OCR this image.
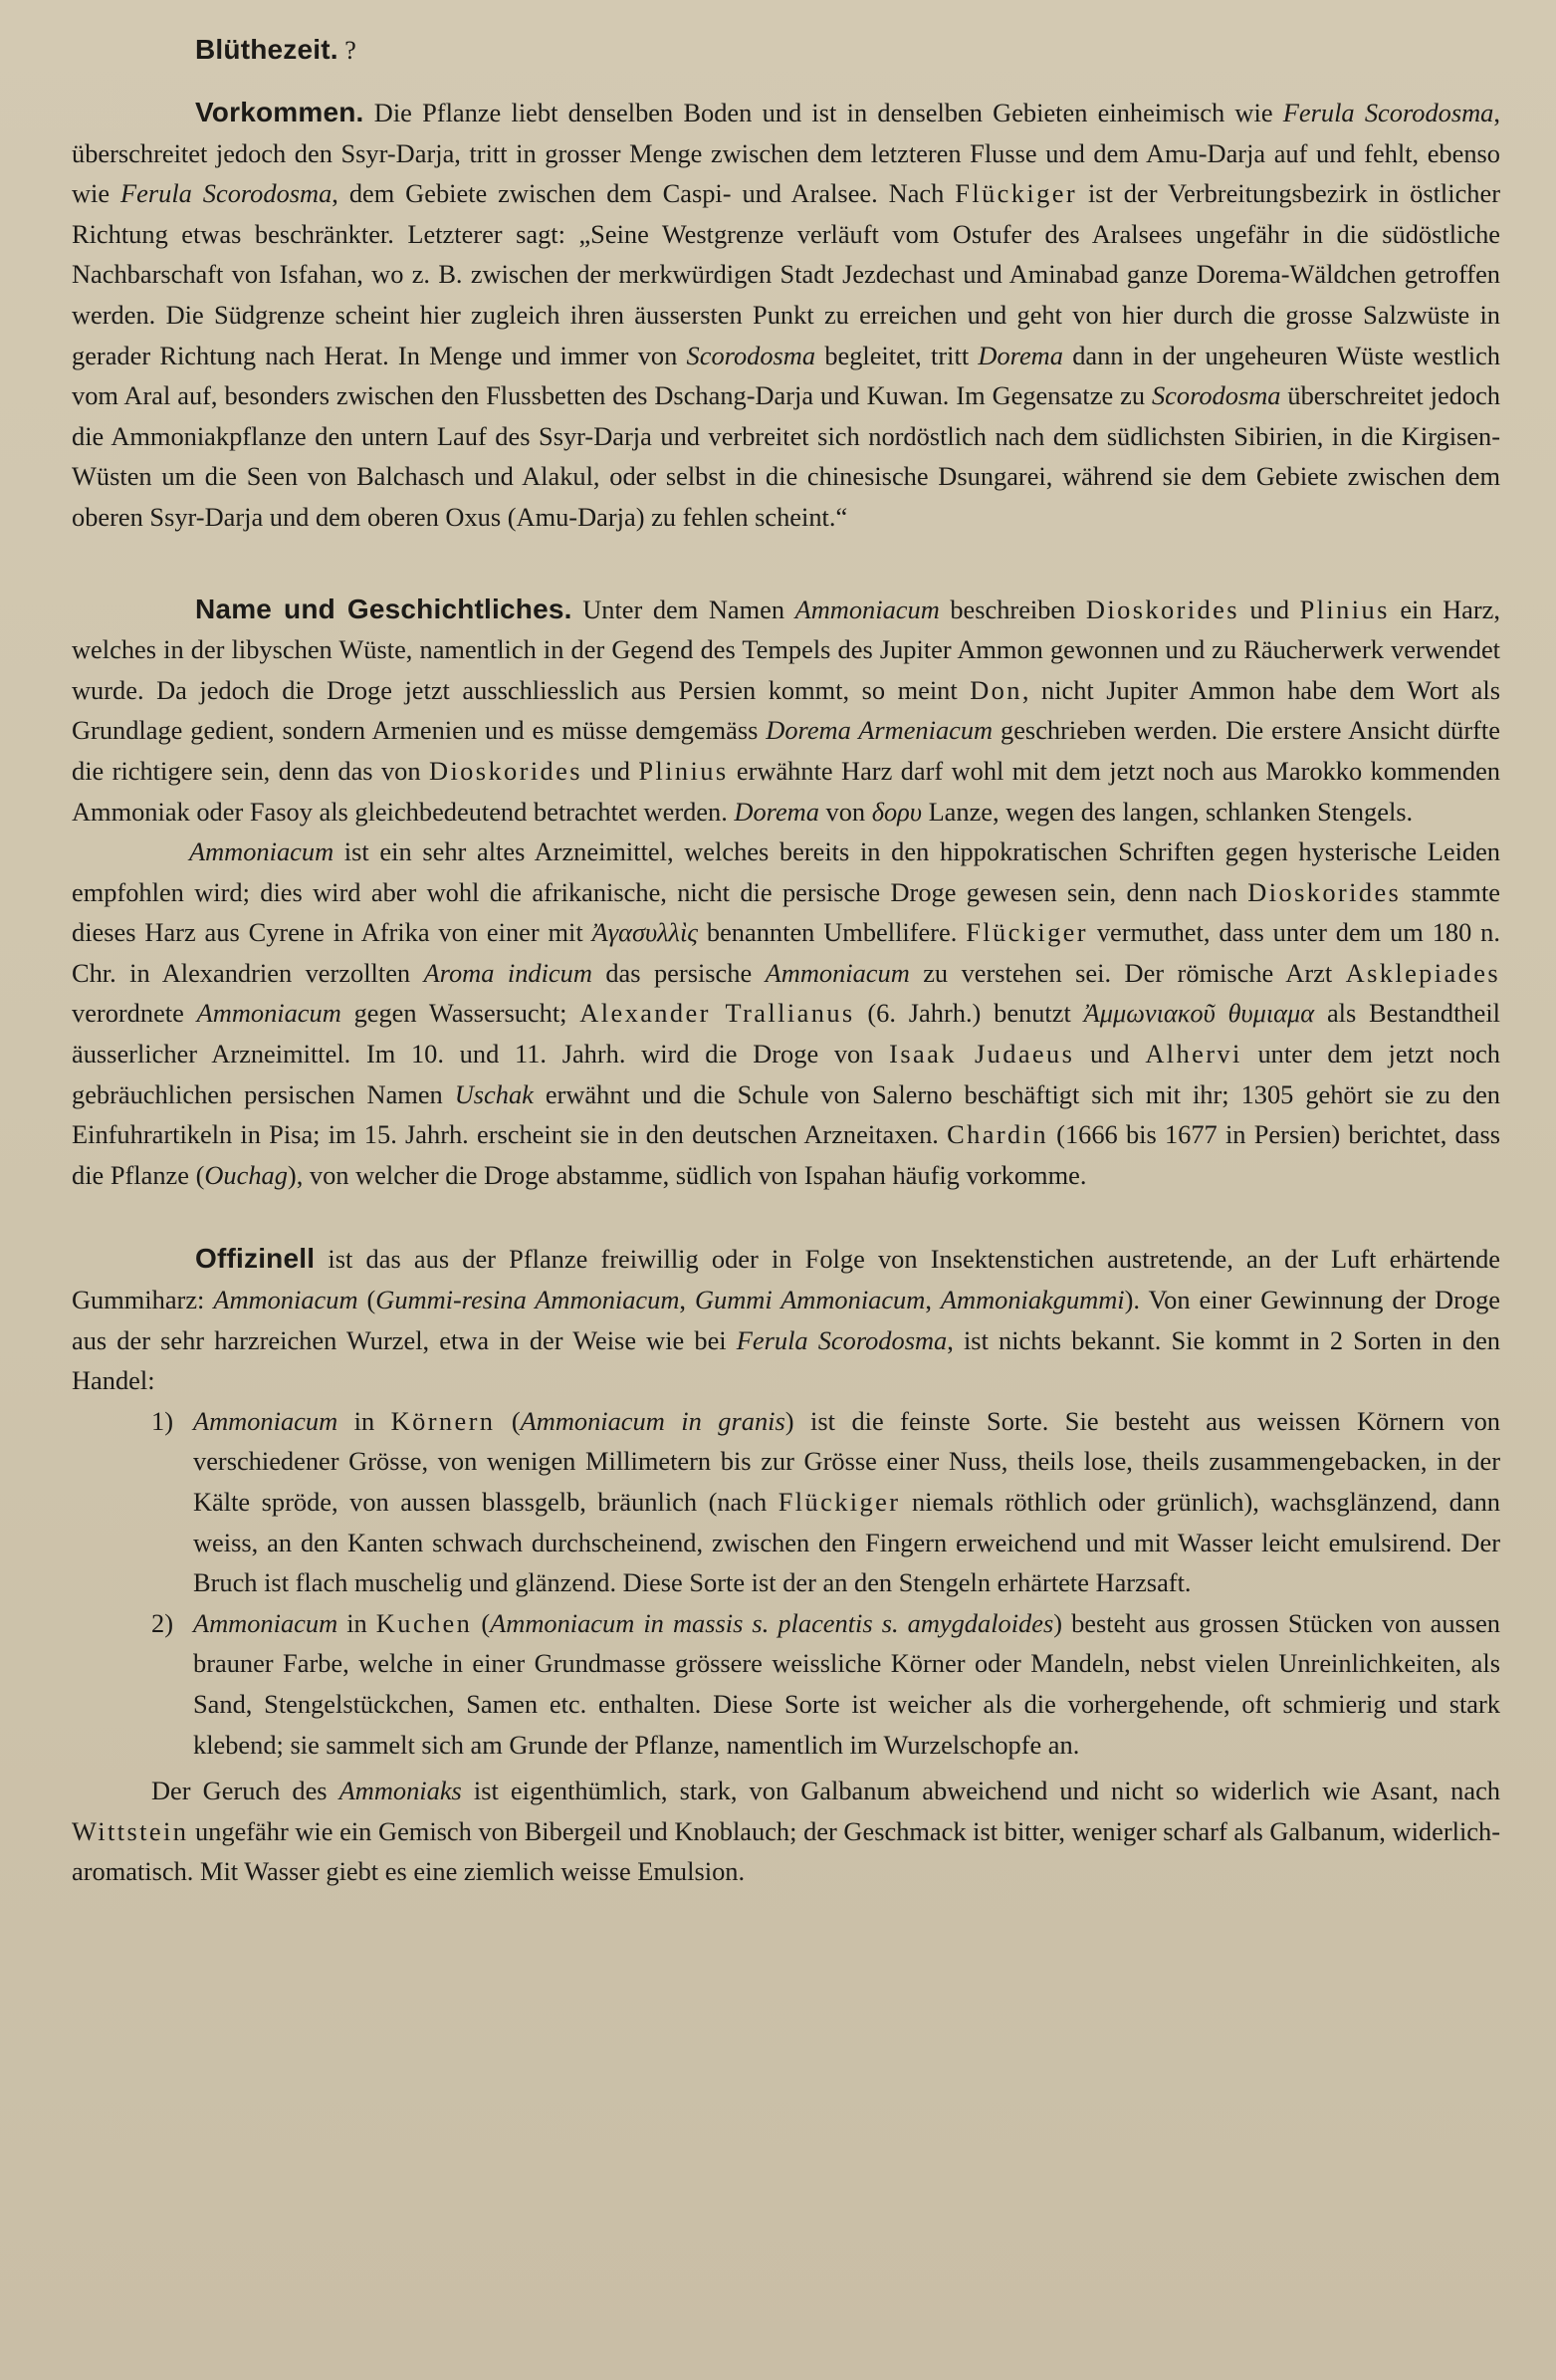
Blüthezeit. ?

Vorkommen. Die Pflanze liebt denselben Boden und ist in denselben Gebieten einheimisch wie Ferula Scorodosma, überschreitet jedoch den Ssyr-Darja, tritt in grosser Menge zwischen dem letzteren Flusse und dem Amu-Darja auf und fehlt, ebenso wie Ferula Scorodosma, dem Gebiete zwischen dem Caspi- und Aralsee. Nach Flückiger ist der Verbreitungsbezirk in östlicher Richtung etwas beschränkter. Letzterer sagt: „Seine Westgrenze verläuft vom Ostufer des Aralsees ungefähr in die südöstliche Nachbarschaft von Isfahan, wo z. B. zwischen der merkwürdigen Stadt Jezdechast und Aminabad ganze Dorema-Wäldchen getroffen werden. Die Südgrenze scheint hier zugleich ihren äussersten Punkt zu erreichen und geht von hier durch die grosse Salzwüste in gerader Richtung nach Herat. In Menge und immer von Scorodosma begleitet, tritt Dorema dann in der ungeheuren Wüste westlich vom Aral auf, besonders zwischen den Flussbetten des Dschang-Darja und Kuwan. Im Gegensatze zu Scorodosma überschreitet jedoch die Ammoniakpflanze den untern Lauf des Ssyr-Darja und verbreitet sich nordöstlich nach dem südlichsten Sibirien, in die Kirgisen-Wüsten um die Seen von Balchasch und Alakul, oder selbst in die chinesische Dsungarei, während sie dem Gebiete zwischen dem oberen Ssyr-Darja und dem oberen Oxus (Amu-Darja) zu fehlen scheint.“

Name und Geschichtliches. Unter dem Namen Ammoniacum beschreiben Dioskorides und Plinius ein Harz, welches in der libyschen Wüste, namentlich in der Gegend des Tempels des Jupiter Ammon gewonnen und zu Räucherwerk verwendet wurde. Da jedoch die Droge jetzt ausschliesslich aus Persien kommt, so meint Don, nicht Jupiter Ammon habe dem Wort als Grundlage gedient, sondern Armenien und es müsse demgemäss Dorema Armeniacum geschrieben werden. Die erstere Ansicht dürfte die richtigere sein, denn das von Dioskorides und Plinius erwähnte Harz darf wohl mit dem jetzt noch aus Marokko kommenden Ammoniak oder Fasoy als gleichbedeutend betrachtet werden. Dorema von δορυ Lanze, wegen des langen, schlanken Stengels.

Ammoniacum ist ein sehr altes Arzneimittel, welches bereits in den hippokratischen Schriften gegen hysterische Leiden empfohlen wird; dies wird aber wohl die afrikanische, nicht die persische Droge gewesen sein, denn nach Dioskorides stammte dieses Harz aus Cyrene in Afrika von einer mit Ἀγασυλλὶς benannten Umbellifere. Flückiger vermuthet, dass unter dem um 180 n. Chr. in Alexandrien verzollten Aroma indicum das persische Ammoniacum zu verstehen sei. Der römische Arzt Asklepiades verordnete Ammoniacum gegen Wassersucht; Alexander Trallianus (6. Jahrh.) benutzt Ἀμμωνιακοῦ θυμιαμα als Bestandtheil äusserlicher Arzneimittel. Im 10. und 11. Jahrh. wird die Droge von Isaak Judaeus und Alhervi unter dem jetzt noch gebräuchlichen persischen Namen Uschak erwähnt und die Schule von Salerno beschäftigt sich mit ihr; 1305 gehört sie zu den Einfuhrartikeln in Pisa; im 15. Jahrh. erscheint sie in den deutschen Arzneitaxen. Chardin (1666 bis 1677 in Persien) berichtet, dass die Pflanze (Ouchag), von welcher die Droge abstamme, südlich von Ispahan häufig vorkomme.

Offizinell ist das aus der Pflanze freiwillig oder in Folge von Insektenstichen austretende, an der Luft erhärtende Gummiharz: Ammoniacum (Gummi-resina Ammoniacum, Gummi Ammoniacum, Ammoniakgummi). Von einer Gewinnung der Droge aus der sehr harzreichen Wurzel, etwa in der Weise wie bei Ferula Scorodosma, ist nichts bekannt. Sie kommt in 2 Sorten in den Handel:

1) Ammoniacum in Körnern (Ammoniacum in granis) ist die feinste Sorte. Sie besteht aus weissen Körnern von verschiedener Grösse, von wenigen Millimetern bis zur Grösse einer Nuss, theils lose, theils zusammengebacken, in der Kälte spröde, von aussen blassgelb, bräunlich (nach Flückiger niemals röthlich oder grünlich), wachsglänzend, dann weiss, an den Kanten schwach durchscheinend, zwischen den Fingern erweichend und mit Wasser leicht emulsirend. Der Bruch ist flach muschelig und glänzend. Diese Sorte ist der an den Stengeln erhärtete Harzsaft.

2) Ammoniacum in Kuchen (Ammoniacum in massis s. placentis s. amygdaloides) besteht aus grossen Stücken von aussen brauner Farbe, welche in einer Grundmasse grössere weissliche Körner oder Mandeln, nebst vielen Unreinlichkeiten, als Sand, Stengelstückchen, Samen etc. enthalten. Diese Sorte ist weicher als die vorhergehende, oft schmierig und stark klebend; sie sammelt sich am Grunde der Pflanze, namentlich im Wurzelschopfe an.

Der Geruch des Ammoniaks ist eigenthümlich, stark, von Galbanum abweichend und nicht so widerlich wie Asant, nach Wittstein ungefähr wie ein Gemisch von Bibergeil und Knoblauch; der Geschmack ist bitter, weniger scharf als Galbanum, widerlich-aromatisch. Mit Wasser giebt es eine ziemlich weisse Emulsion.
